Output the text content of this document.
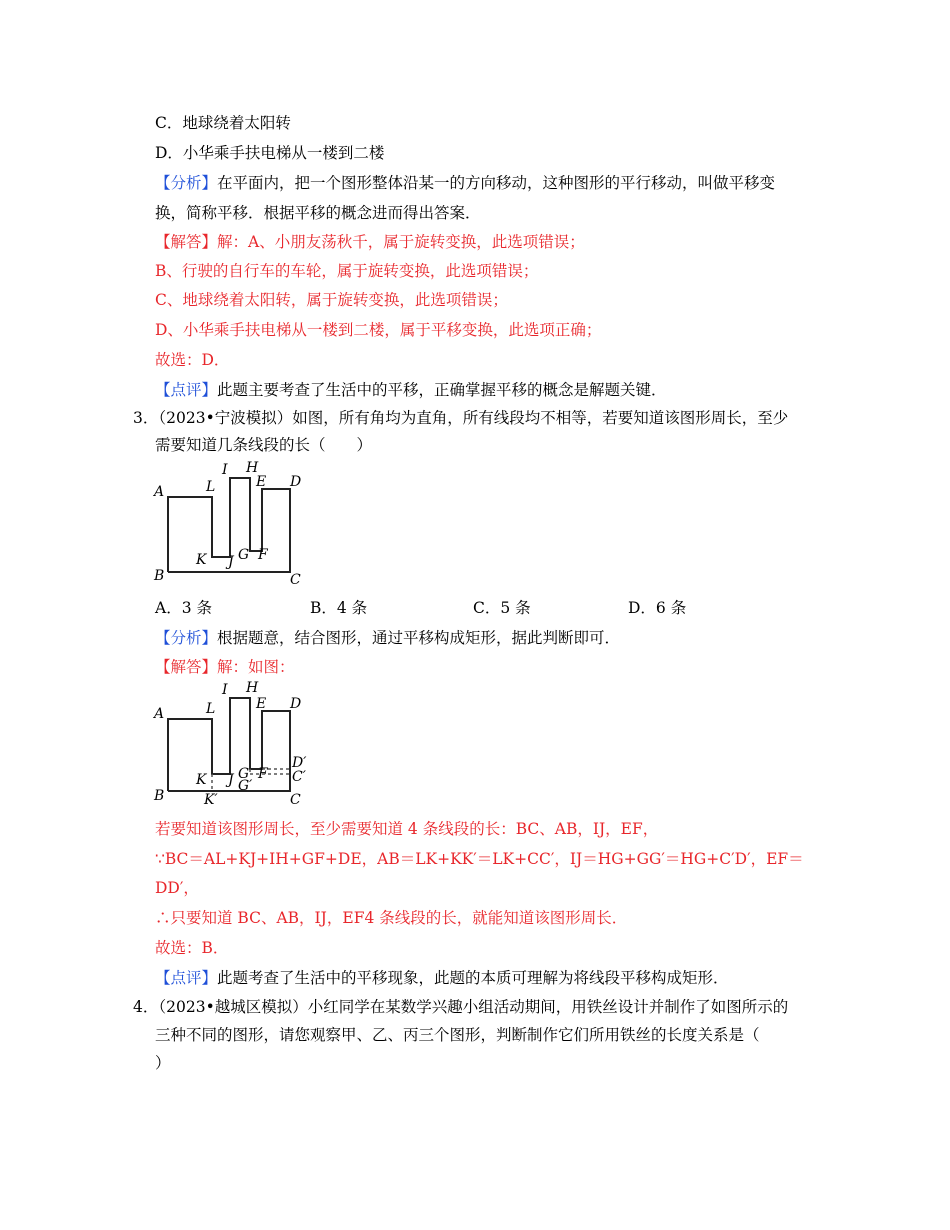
C．地球绕着太阳转
D．小华乘手扶电梯从一楼到二楼
【分析】在平面内，把一个图形整体沿某一的方向移动，这种图形的平行移动，叫做平移变
换，简称平移．根据平移的概念进而得出答案．
【解答】解：A、小朋友荡秋千，属于旋转变换，此选项错误；
B、行驶的自行车的车轮，属于旋转变换，此选项错误；
C、地球绕着太阳转，属于旋转变换，此选项错误；
D、小华乘手扶电梯从一楼到二楼，属于平移变换，此选项正确；
故选：D．
【点评】此题主要考查了生活中的平移，正确掌握平移的概念是解题关键．
3．（2023•宁波模拟）如图，所有角均为直角，所有线段均不相等，若要知道该图形周长，至少
需要知道几条线段的长（　　）
A	L
I H
E D
K J G F
B	C
A．3 条	B．4 条	C．5 条	D．6 条
【分析】根据题意，结合图形，通过平移构成矩形，据此判断即可．
【解答】解：如图：
A	L
I H
E D
D′
C′
K J G
G′
F
K′
B	C
若要知道该图形周长，至少需要知道 4 条线段的长：BC、AB，IJ，EF，
∵BC＝AL+KJ+IH+GF+DE，AB＝LK+KK′＝LK+CC′，IJ＝HG+GG′＝HG+C′D′，EF＝
DD′，
∴只要知道 BC、AB，IJ，EF4 条线段的长，就能知道该图形周长．
故选：B．
【点评】此题考查了生活中的平移现象，此题的本质可理解为将线段平移构成矩形．
4．（2023•越城区模拟）小红同学在某数学兴趣小组活动期间，用铁丝设计并制作了如图所示的
三种不同的图形，请您观察甲、乙、丙三个图形，判断制作它们所用铁丝的长度关系是（
）
